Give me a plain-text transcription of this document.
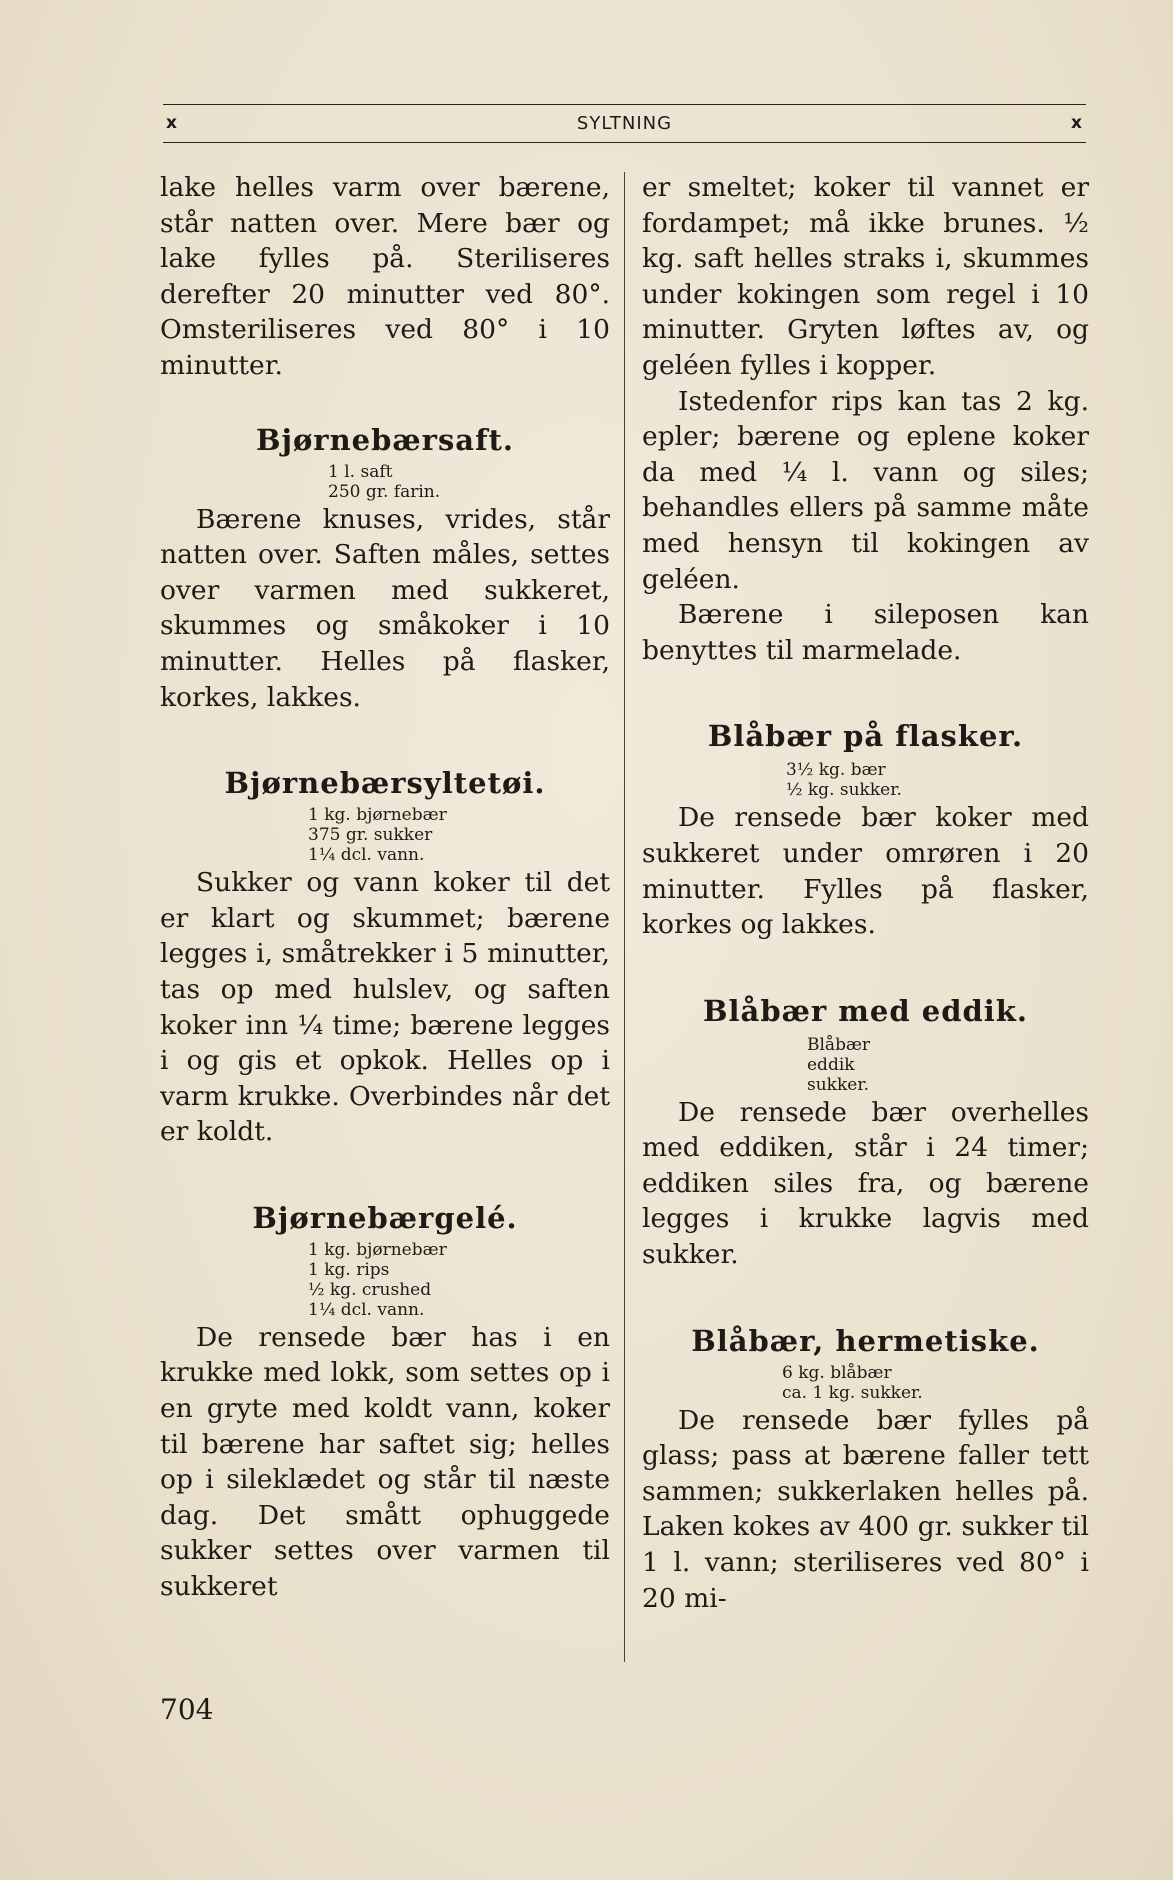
x	SYLTNING	x

lake helles varm over bærene, står natten over. Mere bær og lake fylles på. Steriliseres derefter 20 minutter ved 80°. Omsteriliseres ved 80° i 10 minutter.

Bjørnebærsaft.
1 l. saft
250 gr. farin.

Bærene knuses, vrides, står natten over. Saften måles, settes over varmen med sukkeret, skummes og småkoker i 10 minutter. Helles på flasker, korkes, lakkes.

Bjørnebærsyltetøi.
1 kg. bjørnebær
375 gr. sukker
1¼ dcl. vann.

Sukker og vann koker til det er klart og skummet; bærene legges i, småtrekker i 5 minutter, tas op med hulslev, og saften koker inn ¼ time; bærene legges i og gis et opkok. Helles op i varm krukke. Overbindes når det er koldt.

Bjørnebærgelé.
1 kg. bjørnebær
1 kg. rips
½ kg. crushed
1¼ dcl. vann.

De rensede bær has i en krukke med lokk, som settes op i en gryte med koldt vann, koker til bærene har saftet sig; helles op i sileklædet og står til næste dag. Det smått ophuggede sukker settes over varmen til sukkeret

er smeltet; koker til vannet er fordampet; må ikke brunes. ½ kg. saft helles straks i, skummes under kokingen som regel i 10 minutter. Gryten løftes av, og geléen fylles i kopper.

Istedenfor rips kan tas 2 kg. epler; bærene og eplene koker da med ¼ l. vann og siles; behandles ellers på samme måte med hensyn til kokingen av geléen.

Bærene i sileposen kan benyttes til marmelade.

Blåbær på flasker.
3½ kg. bær
½ kg. sukker.

De rensede bær koker med sukkeret under omrøren i 20 minutter. Fylles på flasker, korkes og lakkes.

Blåbær med eddik.
Blåbær
eddik
sukker.

De rensede bær overhelles med eddiken, står i 24 timer; eddiken siles fra, og bærene legges i krukke lagvis med sukker.

Blåbær, hermetiske.
6 kg. blåbær
ca. 1 kg. sukker.

De rensede bær fylles på glass; pass at bærene faller tett sammen; sukkerlaken helles på. Laken kokes av 400 gr. sukker til 1 l. vann; steriliseres ved 80° i 20 mi-

704
